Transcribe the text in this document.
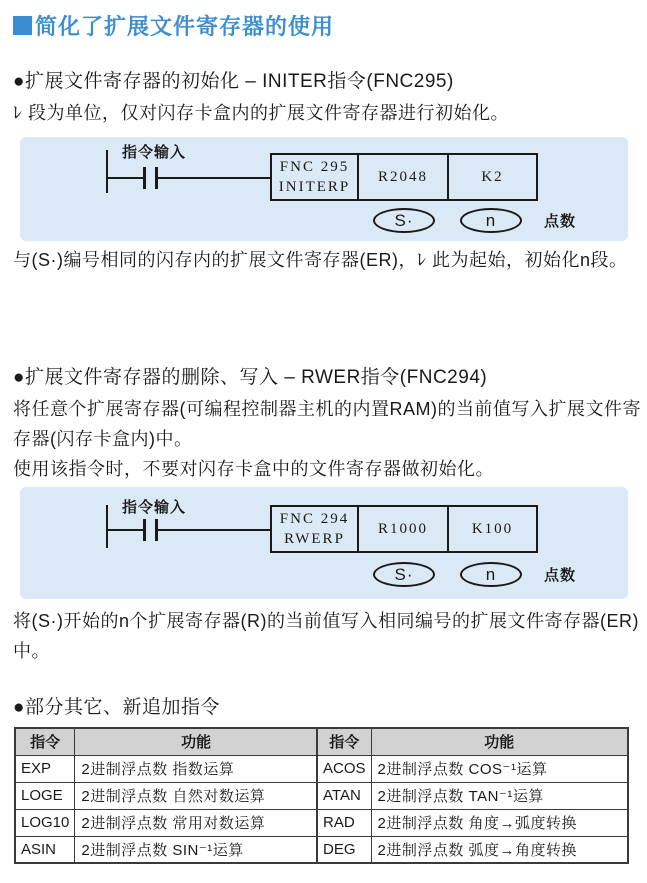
简化了扩展文件寄存器的使用
●扩展文件寄存器的初始化 – INITER指令(FNC295)
ﾚ 段为单位，仅对闪存卡盒内的扩展文件寄存器进行初始化。
指令输入
FNC 295
INITERP
R2048	K2
S·	n	点数
与(S·)编号相同的闪存内的扩展文件寄存器(ER)，ﾚ 此为起始，初始化n段。
●扩展文件寄存器的删除、写入 – RWER指令(FNC294)
将任意个扩展寄存器(可编程控制器主机的内置RAM)的当前值写入扩展文件寄存器(闪存卡盒内)中。
使用该指令时，不要对闪存卡盒中的文件寄存器做初始化。
指令输入
FNC 294
RWERP
R1000	K100
S·	n	点数
将(S·)开始的n个扩展寄存器(R)的当前值写入相同编号的扩展文件寄存器(ER)中。
●部分其它、新追加指令
指令	功能
EXP	2进制浮点数 指数运算
LOGE	2进制浮点数 自然对数运算
LOG10	2进制浮点数 常用对数运算
ASIN	2进制浮点数 SIN⁻¹运算
指令	功能
ACOS	2进制浮点数 COS⁻¹运算
ATAN	2进制浮点数 TAN⁻¹运算
RAD	2进制浮点数 角度→弧度转换
DEG	2进制浮点数 弧度→角度转换
